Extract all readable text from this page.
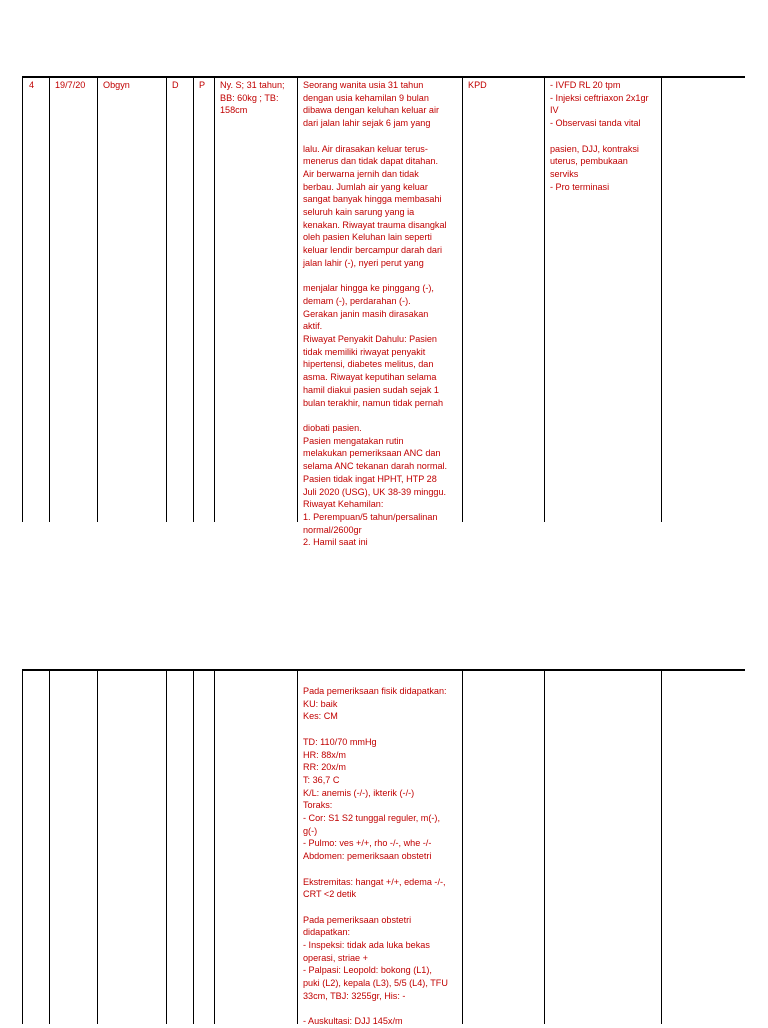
4 19/7/20 Obgyn	D P Ny. S; 31 tahun;
BB: 60kg ; TB:
158cm
Seorang wanita usia 31 tahun
dengan usia kehamilan 9 bulan
dibawa dengan keluhan keluar air
dari jalan lahir sejak 6 jam yang

lalu. Air dirasakan keluar terus-
menerus dan tidak dapat ditahan.
Air berwarna jernih dan tidak
berbau. Jumlah air yang keluar
sangat banyak hingga membasahi
seluruh kain sarung yang ia
kenakan. Riwayat trauma disangkal
oleh pasien Keluhan lain seperti
keluar lendir bercampur darah dari
jalan lahir (-), nyeri perut yang

menjalar hingga ke pinggang (-),
demam (-), perdarahan (-).
Gerakan janin masih dirasakan
aktif.
Riwayat Penyakit Dahulu: Pasien
tidak memiliki riwayat penyakit
hipertensi, diabetes melitus, dan
asma. Riwayat keputihan selama
hamil diakui pasien sudah sejak 1
bulan terakhir, namun tidak pernah

diobati pasien.
Pasien mengatakan rutin
melakukan pemeriksaan ANC dan
selama ANC tekanan darah normal.
Pasien tidak ingat HPHT, HTP 28
Juli 2020 (USG), UK 38-39 minggu.
Riwayat Kehamilan:
1. Perempuan/5 tahun/persalinan
normal/2600gr
2. Hamil saat ini
KPD	- IVFD RL 20 tpm
- Injeksi ceftriaxon 2x1gr
IV
- Observasi tanda vital

pasien, DJJ, kontraksi
uterus, pembukaan
serviks
- Pro terminasi
Pada pemeriksaan fisik didapatkan:
KU: baik
Kes: CM

TD: 110/70 mmHg
HR: 88x/m
RR: 20x/m
T: 36,7 C
K/L: anemis (-/-), ikterik (-/-)
Toraks:
- Cor: S1 S2 tunggal reguler, m(-),
g(-)
- Pulmo: ves +/+, rho -/-, whe -/-
Abdomen: pemeriksaan obstetri

Ekstremitas: hangat +/+, edema -/-,
CRT <2 detik

Pada pemeriksaan obstetri
didapatkan:
- Inspeksi: tidak ada luka bekas
operasi, striae +
- Palpasi: Leopold: bokong (L1),
puki (L2), kepala (L3), 5/5 (L4), TFU
33cm, TBJ: 3255gr, His: -

- Auskultasi: DJJ 145x/m
